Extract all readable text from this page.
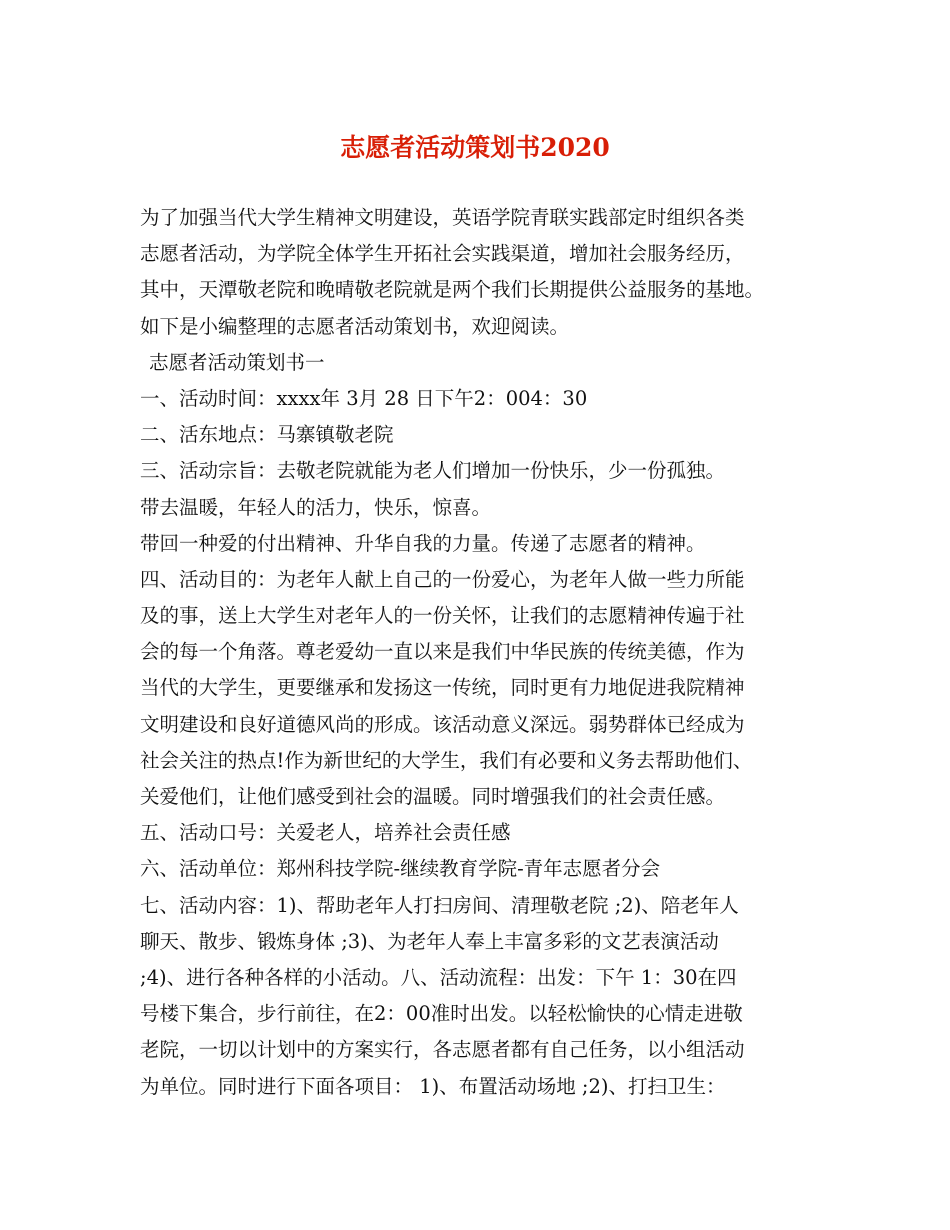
志愿者活动策划书2020
为了加强当代大学生精神文明建设，英语学院青联实践部定时组织各类
志愿者活动，为学院全体学生开拓社会实践渠道，增加社会服务经历，
其中，天潭敬老院和晚晴敬老院就是两个我们长期提供公益服务的基地。
如下是小编整理的志愿者活动策划书，欢迎阅读。
志愿者活动策划书一
一、活动时间：xxxx年 3月 28 日下午2：004：30
二、活东地点：马寨镇敬老院
三、活动宗旨：去敬老院就能为老人们增加一份快乐，少一份孤独。
带去温暖，年轻人的活力，快乐，惊喜。
带回一种爱的付出精神、升华自我的力量。传递了志愿者的精神。
四、活动目的：为老年人献上自己的一份爱心，为老年人做一些力所能
及的事，送上大学生对老年人的一份关怀，让我们的志愿精神传遍于社
会的每一个角落。尊老爱幼一直以来是我们中华民族的传统美德，作为
当代的大学生，更要继承和发扬这一传统，同时更有力地促进我院精神
文明建设和良好道德风尚的形成。该活动意义深远。弱势群体已经成为
社会关注的热点!作为新世纪的大学生，我们有必要和义务去帮助他们、
关爱他们，让他们感受到社会的温暖。同时增强我们的社会责任感。
五、活动口号：关爱老人，培养社会责任感
六、活动单位：郑州科技学院-继续教育学院-青年志愿者分会
七、活动内容：1)、帮助老年人打扫房间、清理敬老院 ;2)、陪老年人
聊天、散步、锻炼身体 ;3)、为老年人奉上丰富多彩的文艺表演活动
;4)、进行各种各样的小活动。八、活动流程：出发：下午 1：30在四
号楼下集合，步行前往，在2：00准时出发。以轻松愉快的心情走进敬
老院，一切以计划中的方案实行，各志愿者都有自己任务，以小组活动
为单位。同时进行下面各项目： 1)、布置活动场地 ;2)、打扫卫生：
